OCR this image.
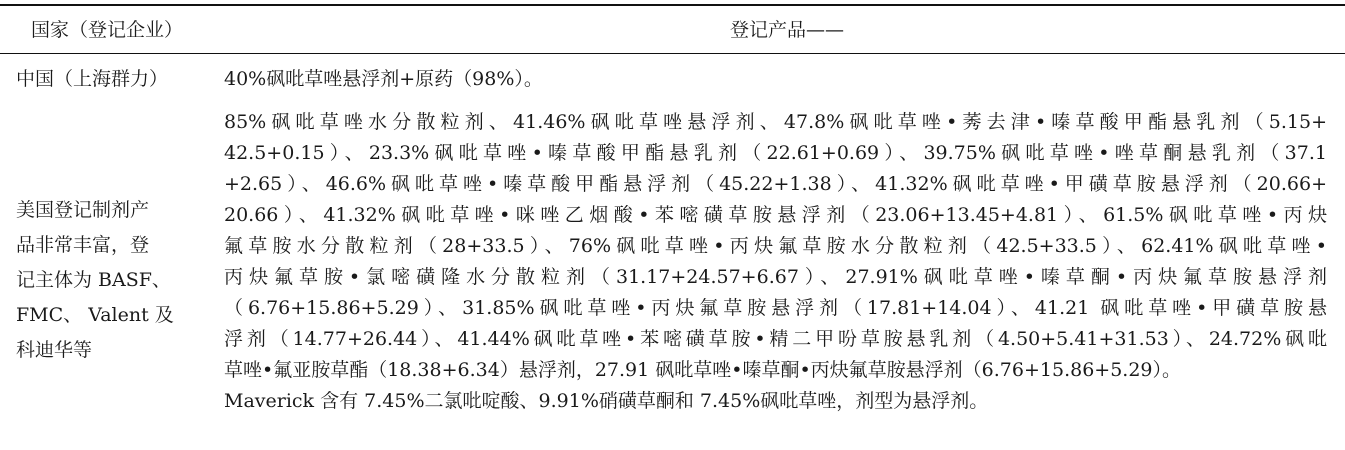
国家（登记企业）	登记产品——
中国（上海群力）	40%砜吡草唑悬浮剂+原药（98%）。
美国登记制剂产
品非常丰富，登
记主体为 BASF、
FMC、 Valent 及
科迪华等
85%砜吡草唑水分散粒剂、41.46%砜吡草唑悬浮剂、47.8%砜吡草唑•莠去津•嗪草酸甲酯悬乳剂（5.15+
42.5+0.15）、23.3%砜吡草唑•嗪草酸甲酯悬乳剂（22.61+0.69）、39.75%砜吡草唑•唑草酮悬乳剂（37.1
+2.65）、46.6%砜吡草唑•嗪草酸甲酯悬浮剂（45.22+1.38）、41.32%砜吡草唑•甲磺草胺悬浮剂（20.66+
20.66）、41.32%砜吡草唑•咪唑乙烟酸•苯嘧磺草胺悬浮剂（23.06+13.45+4.81）、61.5%砜吡草唑•丙炔
氟草胺水分散粒剂（28+33.5）、76%砜吡草唑•丙炔氟草胺水分散粒剂（42.5+33.5）、62.41%砜吡草唑•
丙炔氟草胺•氯嘧磺隆水分散粒剂（31.17+24.57+6.67）、27.91%砜吡草唑•嗪草酮•丙炔氟草胺悬浮剂
（6.76+15.86+5.29）、31.85%砜吡草唑•丙炔氟草胺悬浮剂（17.81+14.04）、41.21 砜吡草唑•甲磺草胺悬
浮剂（14.77+26.44）、41.44%砜吡草唑•苯嘧磺草胺•精二甲吩草胺悬乳剂（4.50+5.41+31.53）、24.72%砜吡
草唑•氟亚胺草酯（18.38+6.34）悬浮剂，27.91 砜吡草唑•嗪草酮•丙炔氟草胺悬浮剂（6.76+15.86+5.29）。
Maverick 含有 7.45%二氯吡啶酸、9.91%硝磺草酮和 7.45%砜吡草唑，剂型为悬浮剂。
